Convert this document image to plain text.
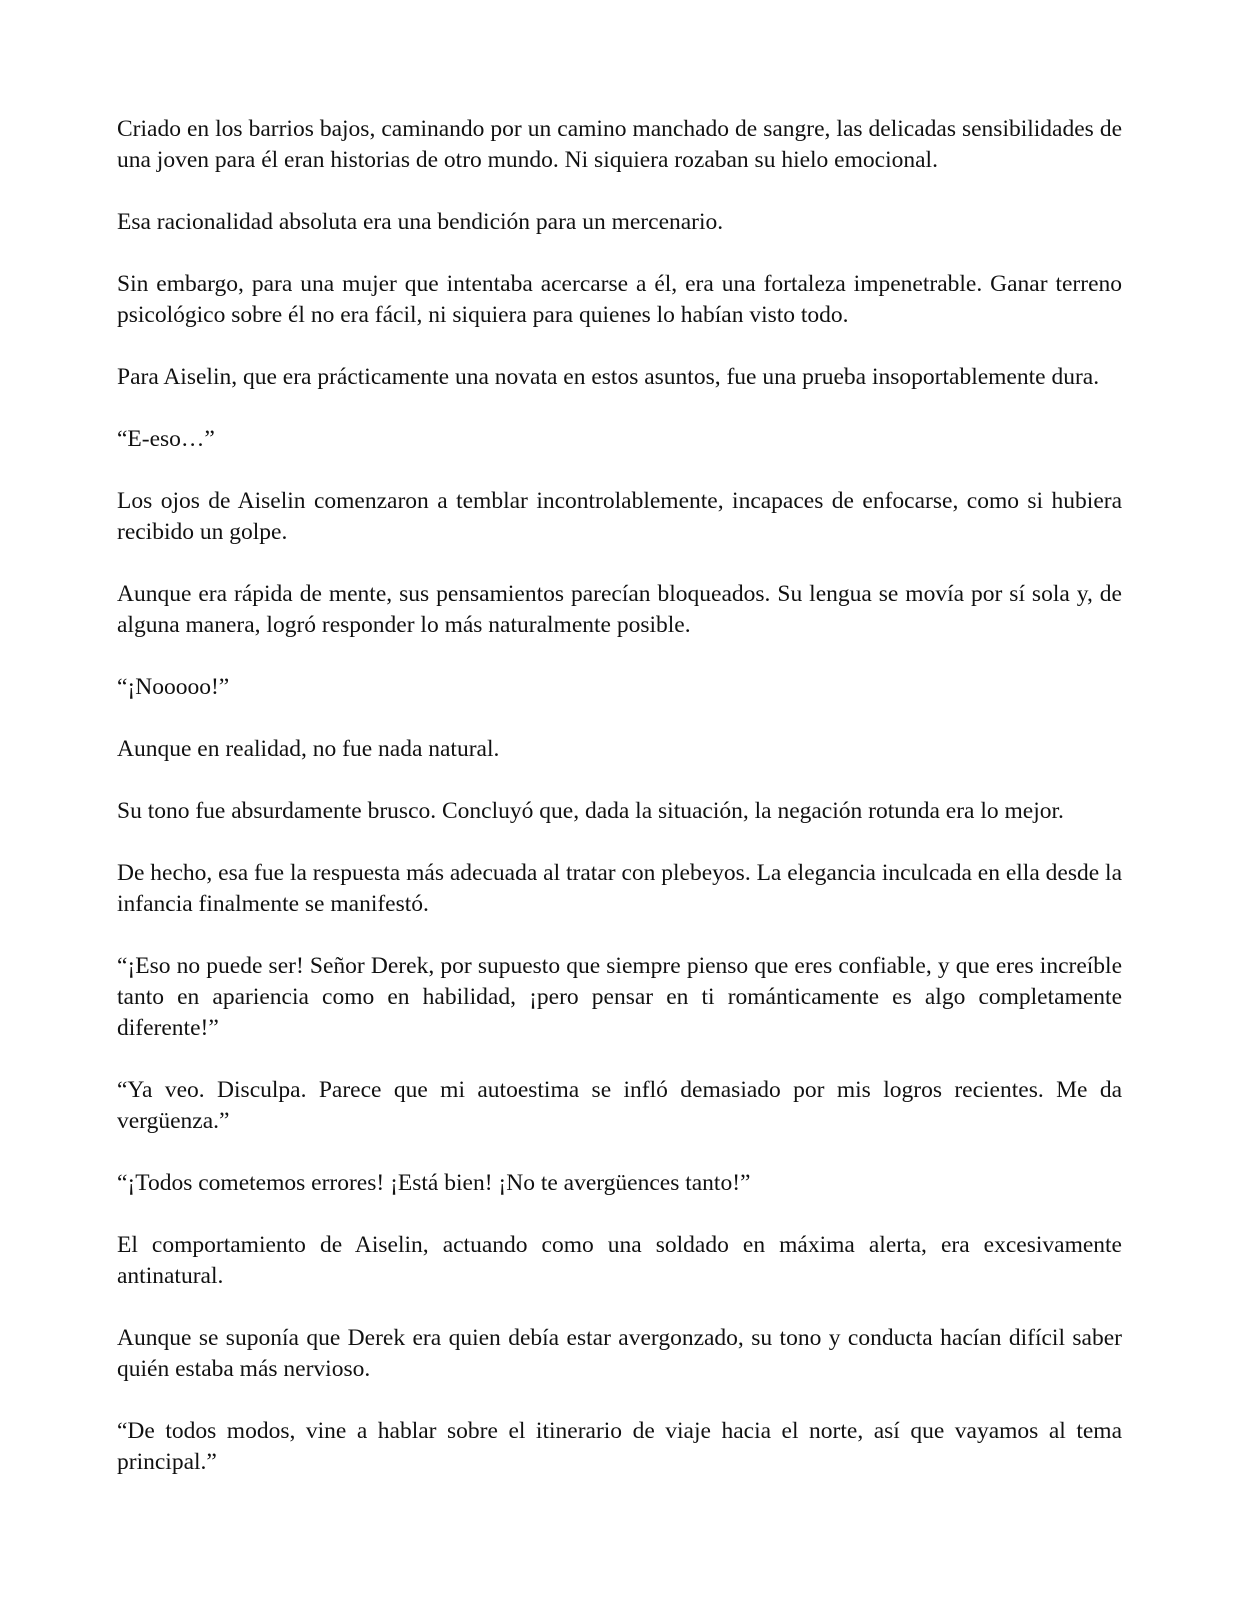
Criado en los barrios bajos, caminando por un camino manchado de sangre, las delicadas sensibilidades de una joven para él eran historias de otro mundo. Ni siquiera rozaban su hielo emocional.

Esa racionalidad absoluta era una bendición para un mercenario.

Sin embargo, para una mujer que intentaba acercarse a él, era una fortaleza impenetrable. Ganar terreno psicológico sobre él no era fácil, ni siquiera para quienes lo habían visto todo.

Para Aiselin, que era prácticamente una novata en estos asuntos, fue una prueba insoportablemente dura.

“E-eso…”

Los ojos de Aiselin comenzaron a temblar incontrolablemente, incapaces de enfocarse, como si hubiera recibido un golpe.

Aunque era rápida de mente, sus pensamientos parecían bloqueados. Su lengua se movía por sí sola y, de alguna manera, logró responder lo más naturalmente posible.

“¡Nooooo!”

Aunque en realidad, no fue nada natural.

Su tono fue absurdamente brusco. Concluyó que, dada la situación, la negación rotunda era lo mejor.

De hecho, esa fue la respuesta más adecuada al tratar con plebeyos. La elegancia inculcada en ella desde la infancia finalmente se manifestó.

“¡Eso no puede ser! Señor Derek, por supuesto que siempre pienso que eres confiable, y que eres increíble tanto en apariencia como en habilidad, ¡pero pensar en ti románticamente es algo completamente diferente!”

“Ya veo. Disculpa. Parece que mi autoestima se infló demasiado por mis logros recientes. Me da vergüenza.”

“¡Todos cometemos errores! ¡Está bien! ¡No te avergüences tanto!”

El comportamiento de Aiselin, actuando como una soldado en máxima alerta, era excesivamente antinatural.

Aunque se suponía que Derek era quien debía estar avergonzado, su tono y conducta hacían difícil saber quién estaba más nervioso.

“De todos modos, vine a hablar sobre el itinerario de viaje hacia el norte, así que vayamos al tema principal.”
